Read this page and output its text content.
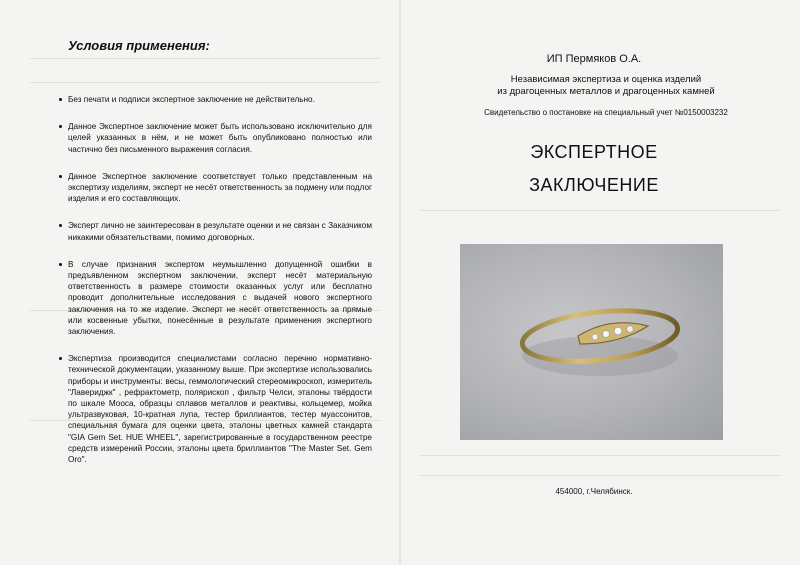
Условия применения:
Без печати и подписи экспертное заключение не действительно.
Данное Экспертное заключение может быть использовано исключительно для целей указанных в нём, и не может быть опубликовано полностью или частично без письменного выражения согласия.
Данное Экспертное заключение соответствует только представленным на экспертизу изделиям, эксперт не несёт ответственность за подмену или подлог изделия и его составляющих.
Эксперт лично не заинтересован в результате оценки и не связан с Заказчиком никакими обязательствами, помимо договорных.
В случае признания экспертом неумышленно допущенной ошибки в предъявленном экспертном заключении, эксперт несёт материальную ответственность в размере стоимости оказанных услуг или бесплатно проводит дополнительные исследования с выдачей нового экспертного заключения на то же изделие. Эксперт не несёт ответственность за прямые или косвенные убытки, понесённые в результате применения экспертного заключения.
Экспертиза производится специалистами согласно перечню нормативно-технической документации, указанному выше. При экспертизе использовались приборы и инструменты: весы, геммологический стереомикроскоп, измеритель "Лавериджк" , рефрактометр, полярископ , фильтр Челси, эталоны твёрдости по шкале Мооса, образцы сплавов металлов и реактивы, кольцемер, мойка ультразвуковая, 10-кратная лупа, тестер бриллиантов, тестер муассонитов, специальная бумага для оценки цвета, эталоны цветных камней стандарта "GIA Gem Set. HUE WHEEL", зарегистрированные в государственном реестре средств измерений России, эталоны цвета бриллиантов "The Master Set. Gem Oro".
ИП Пермяков О.А.
Независимая экспертиза и оценка изделий
из драгоценных металлов и драгоценных камней
Свидетельство о постановке на специальный учет №0150003232
ЭКСПЕРТНОЕ
ЗАКЛЮЧЕНИЕ
454000, г.Челябинск.
